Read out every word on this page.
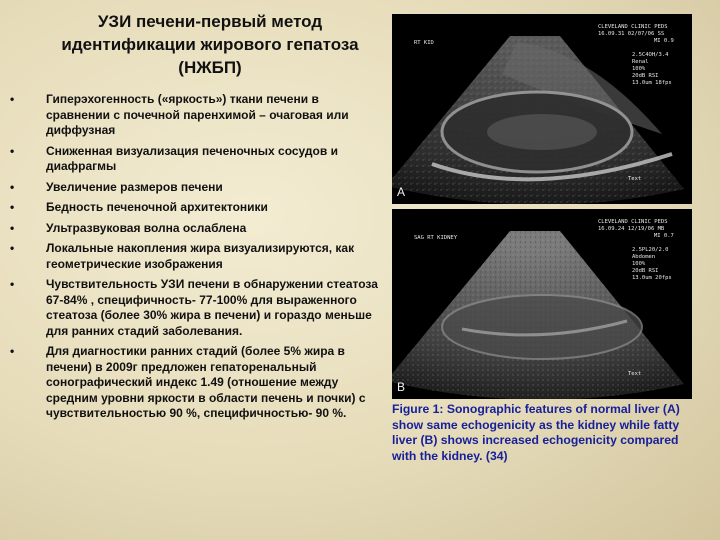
УЗИ печени-первый метод
идентификации жирового гепатоза
(НЖБП)
•	Гиперэхогенность («яркость») ткани печени в сравнении с почечной паренхимой – очаговая или диффузная
•	Сниженная визуализация печеночных сосудов и диафрагмы
•	Увеличение размеров печени
•	Бедность печеночной архитектоники
•	Ультразвуковая волна ослаблена
•	Локальные накопления жира визуализируются, как геометрические изображения
•	Чувствительность УЗИ печени в обнаружении стеатоза 67-84% , специфичность- 77-100% для выраженного стеатоза (более 30% жира в печени) и гораздо меньше для ранних стадий заболевания.
•	Для диагностики ранних стадий (более 5% жира в печени) в 2009г предложен гепаторенальный сонографический индекс 1.49 (отношение между средним уровни яркости в области печень и почки) с чувствительностью 90 %, специфичностью- 90 %.
RT KID
CLEVELAND CLINIC PEDS
16.09.31 02/07/06 SS
MI 0.9
2.5C4OH/3.4
Renal
100%
20dB RSI
13.0um 18fps
Text
A
SAG RT KIDNEY
CLEVELAND CLINIC PEDS
16.09.24 12/19/06 MB
MI 0.7
2.5PL20/2.0
Abdomen
100%
20dB RSI
13.0um 20fps
Text
B
Figure 1: Sonographic features of normal liver (A) show same echogenicity as the kidney while fatty liver (B) shows increased echogenicity compared with the kidney. (34)
